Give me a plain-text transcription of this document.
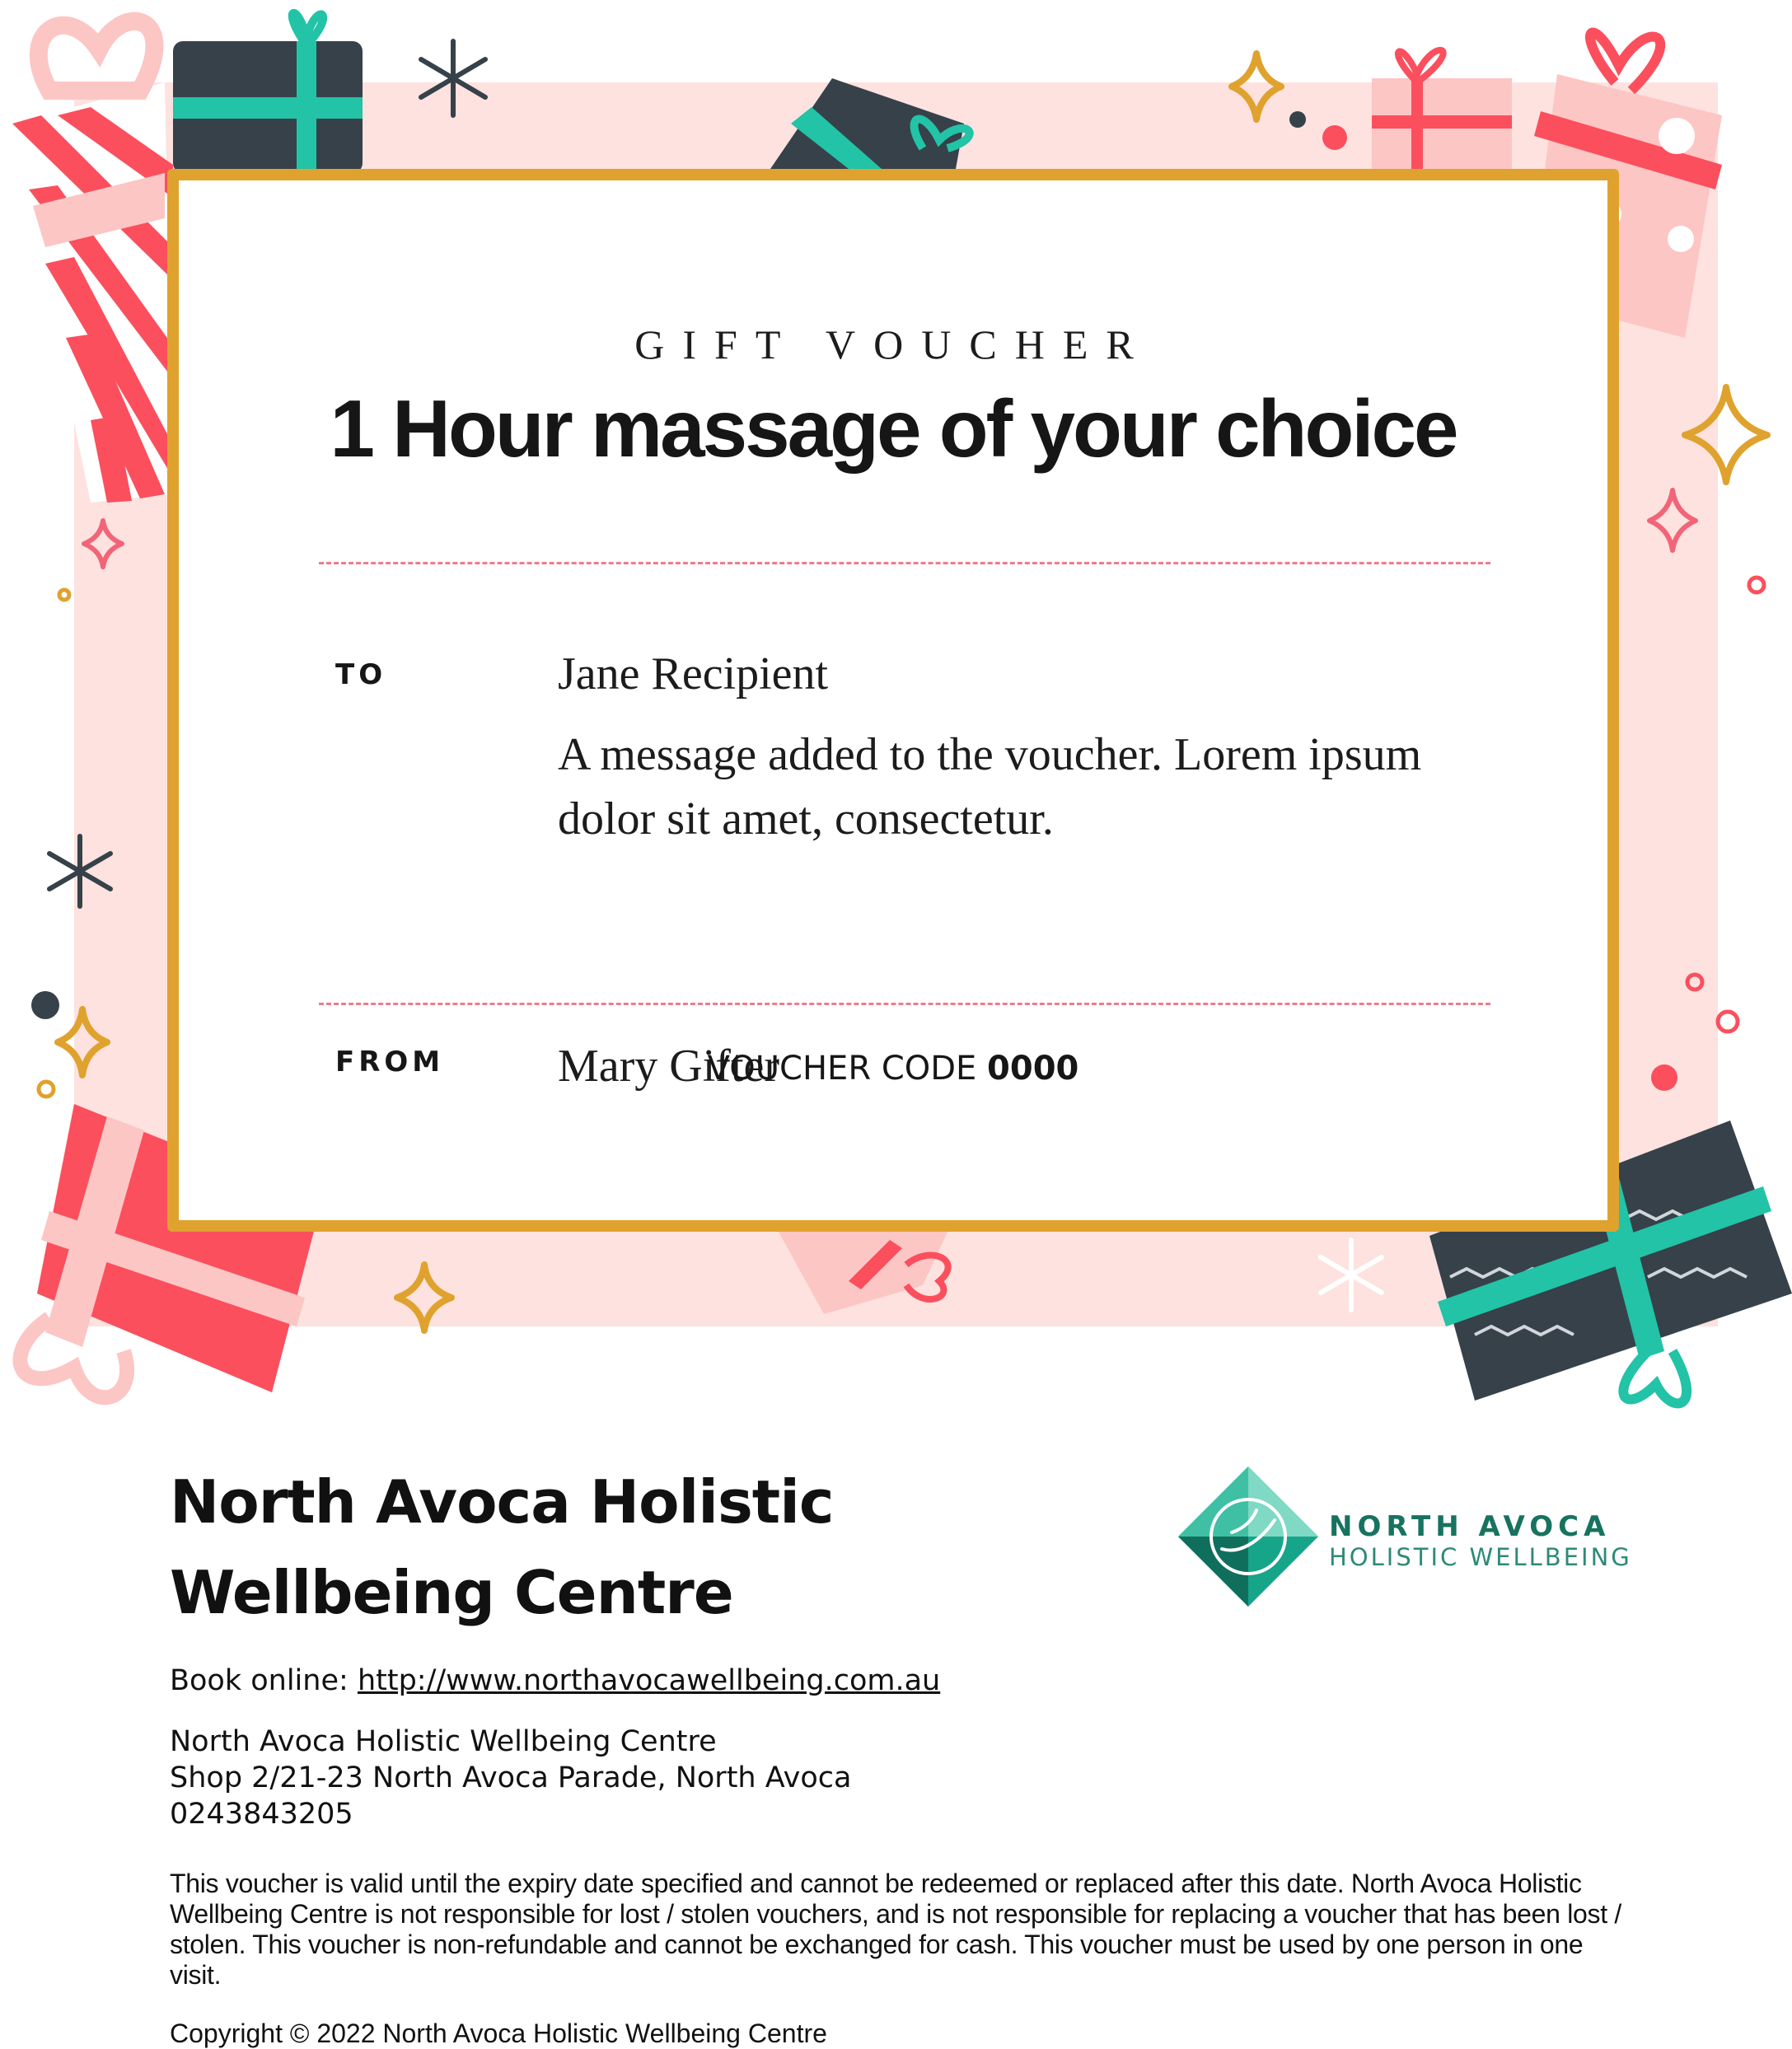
GIFT VOUCHER
1 Hour massage of your choice
TO	Jane Recipient
A message added to the voucher. Lorem ipsum dolor sit amet, consectetur.
FROM Mary Gifter
VOUCHER CODE 0000
North Avoca Holistic
Wellbeing Centre
NORTH AVOCA
HOLISTIC WELLBEING
Book online: http://www.northavocawellbeing.com.au
North Avoca Holistic Wellbeing Centre
Shop 2/21-23 North Avoca Parade, North Avoca
0243843205
This voucher is valid until the expiry date specified and cannot be redeemed or replaced after this date. North Avoca Holistic Wellbeing Centre is not responsible for lost / stolen vouchers, and is not responsible for replacing a voucher that has been lost / stolen. This voucher is non-refundable and cannot be exchanged for cash. This voucher must be used by one person in one visit.
Copyright © 2022 North Avoca Holistic Wellbeing Centre
